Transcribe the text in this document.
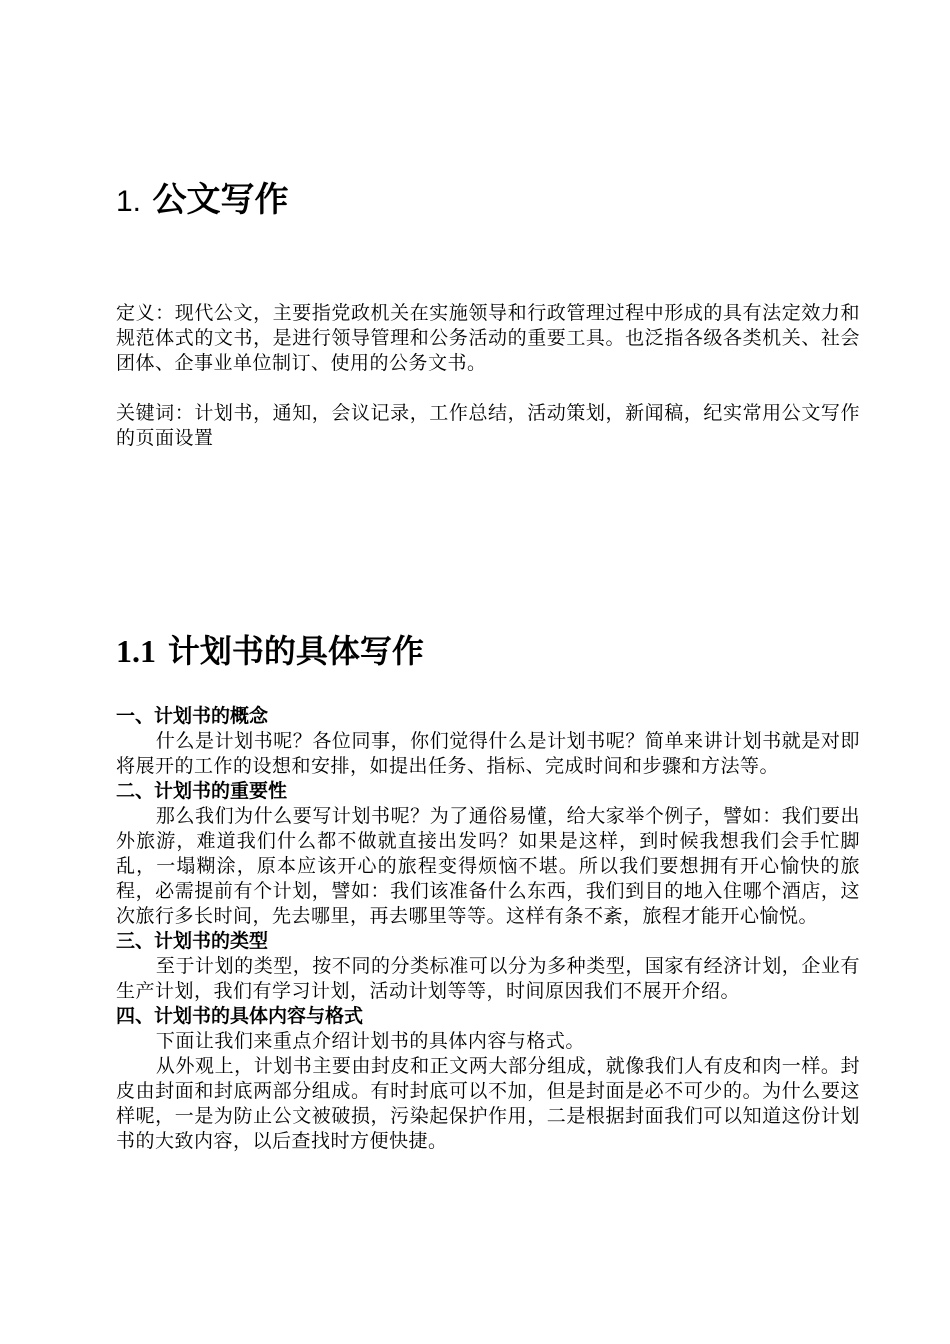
1. 公文写作

定义：现代公文，主要指党政机关在实施领导和行政管理过程中形成的具有法定效力和规范体式的文书，是进行领导管理和公务活动的重要工具。也泛指各级各类机关、社会团体、企事业单位制订、使用的公务文书。

关键词：计划书，通知，会议记录，工作总结，活动策划，新闻稿，纪实常用公文写作的页面设置

1.1 计划书的具体写作

一、计划书的概念

什么是计划书呢？各位同事，你们觉得什么是计划书呢？简单来讲计划书就是对即将展开的工作的设想和安排，如提出任务、指标、完成时间和步骤和方法等。

二、计划书的重要性

那么我们为什么要写计划书呢？为了通俗易懂，给大家举个例子，譬如：我们要出外旅游，难道我们什么都不做就直接出发吗？如果是这样，到时候我想我们会手忙脚乱，一塌糊涂，原本应该开心的旅程变得烦恼不堪。所以我们要想拥有开心愉快的旅程，必需提前有个计划，譬如：我们该准备什么东西，我们到目的地入住哪个酒店，这次旅行多长时间，先去哪里，再去哪里等等。这样有条不紊，旅程才能开心愉悦。

三、计划书的类型

至于计划的类型，按不同的分类标准可以分为多种类型，国家有经济计划，企业有生产计划，我们有学习计划，活动计划等等，时间原因我们不展开介绍。

四、计划书的具体内容与格式

下面让我们来重点介绍计划书的具体内容与格式。

从外观上，计划书主要由封皮和正文两大部分组成，就像我们人有皮和肉一样。封皮由封面和封底两部分组成。有时封底可以不加，但是封面是必不可少的。为什么要这样呢，一是为防止公文被破损，污染起保护作用，二是根据封面我们可以知道这份计划书的大致内容，以后查找时方便快捷。
